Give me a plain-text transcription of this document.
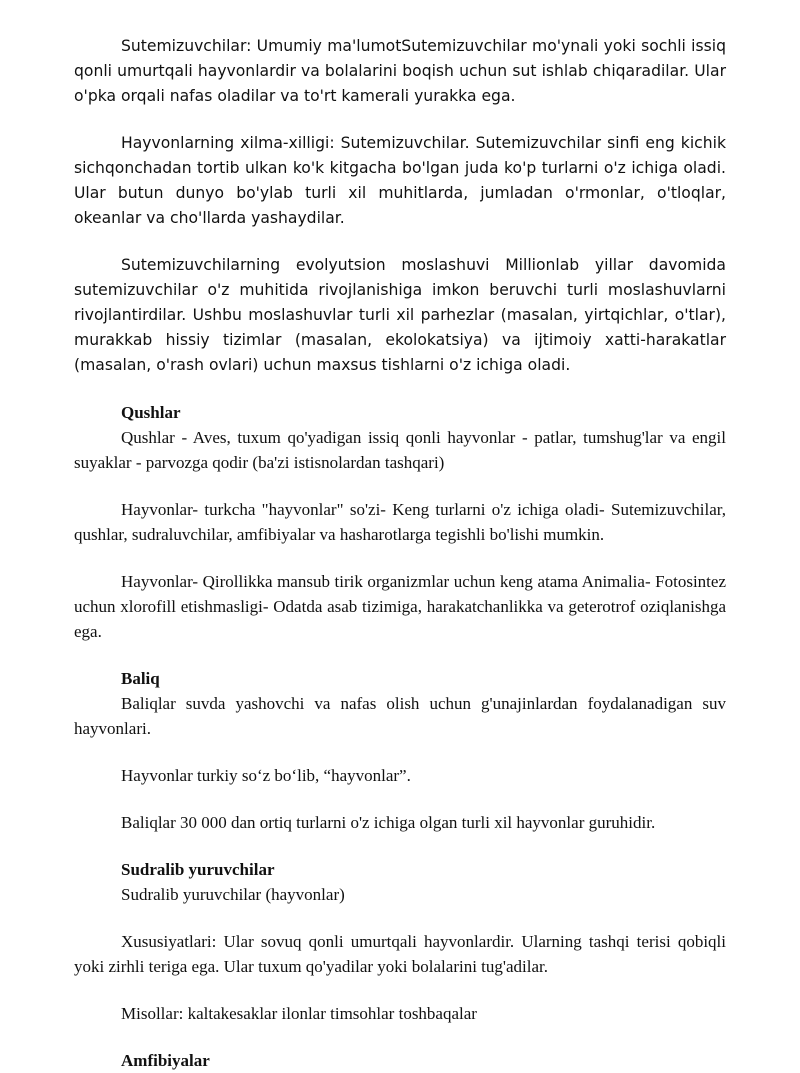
Sutemizuvchilar: Umumiy ma'lumotSutemizuvchilar mo'ynali yoki sochli issiq qonli umurtqali hayvonlardir va bolalarini boqish uchun sut ishlab chiqaradilar. Ular o'pka orqali nafas oladilar va to'rt kamerali yurakka ega.

Hayvonlarning xilma-xilligi: Sutemizuvchilar. Sutemizuvchilar sinfi eng kichik sichqonchadan tortib ulkan ko'k kitgacha bo'lgan juda ko'p turlarni o'z ichiga oladi. Ular butun dunyo bo'ylab turli xil muhitlarda, jumladan o'rmonlar, o'tloqlar, okeanlar va cho'llarda yashaydilar.

Sutemizuvchilarning evolyutsion moslashuvi Millionlab yillar davomida sutemizuvchilar o'z muhitida rivojlanishiga imkon beruvchi turli moslashuvlarni rivojlantirdilar. Ushbu moslashuvlar turli xil parhezlar (masalan, yirtqichlar, o'tlar), murakkab hissiy tizimlar (masalan, ekolokatsiya) va ijtimoiy xatti-harakatlar (masalan, o'rash ovlari) uchun maxsus tishlarni o'z ichiga oladi.

Qushlar

Qushlar - Aves, tuxum qo'yadigan issiq qonli hayvonlar - patlar, tumshug'lar va engil suyaklar - parvozga qodir (ba'zi istisnolardan tashqari)

Hayvonlar- turkcha "hayvonlar" so'zi- Keng turlarni o'z ichiga oladi- Sutemizuvchilar, qushlar, sudraluvchilar, amfibiyalar va hasharotlarga tegishli bo'lishi mumkin.

Hayvonlar- Qirollikka mansub tirik organizmlar uchun keng atama Animalia- Fotosintez uchun xlorofill etishmasligi- Odatda asab tizimiga, harakatchanlikka va geterotrof oziqlanishga ega.

Baliq

Baliqlar suvda yashovchi va nafas olish uchun g'unajinlardan foydalanadigan suv hayvonlari.

Hayvonlar turkiy so‘z bo‘lib, “hayvonlar”.

Baliqlar 30 000 dan ortiq turlarni o'z ichiga olgan turli xil hayvonlar guruhidir.

Sudralib yuruvchilar

Sudralib yuruvchilar (hayvonlar)

Xususiyatlari: Ular sovuq qonli umurtqali hayvonlardir. Ularning tashqi terisi qobiqli yoki zirhli teriga ega. Ular tuxum qo'yadilar yoki bolalarini tug'adilar.

Misollar: kaltakesaklar ilonlar timsohlar toshbaqalar

Amfibiyalar
